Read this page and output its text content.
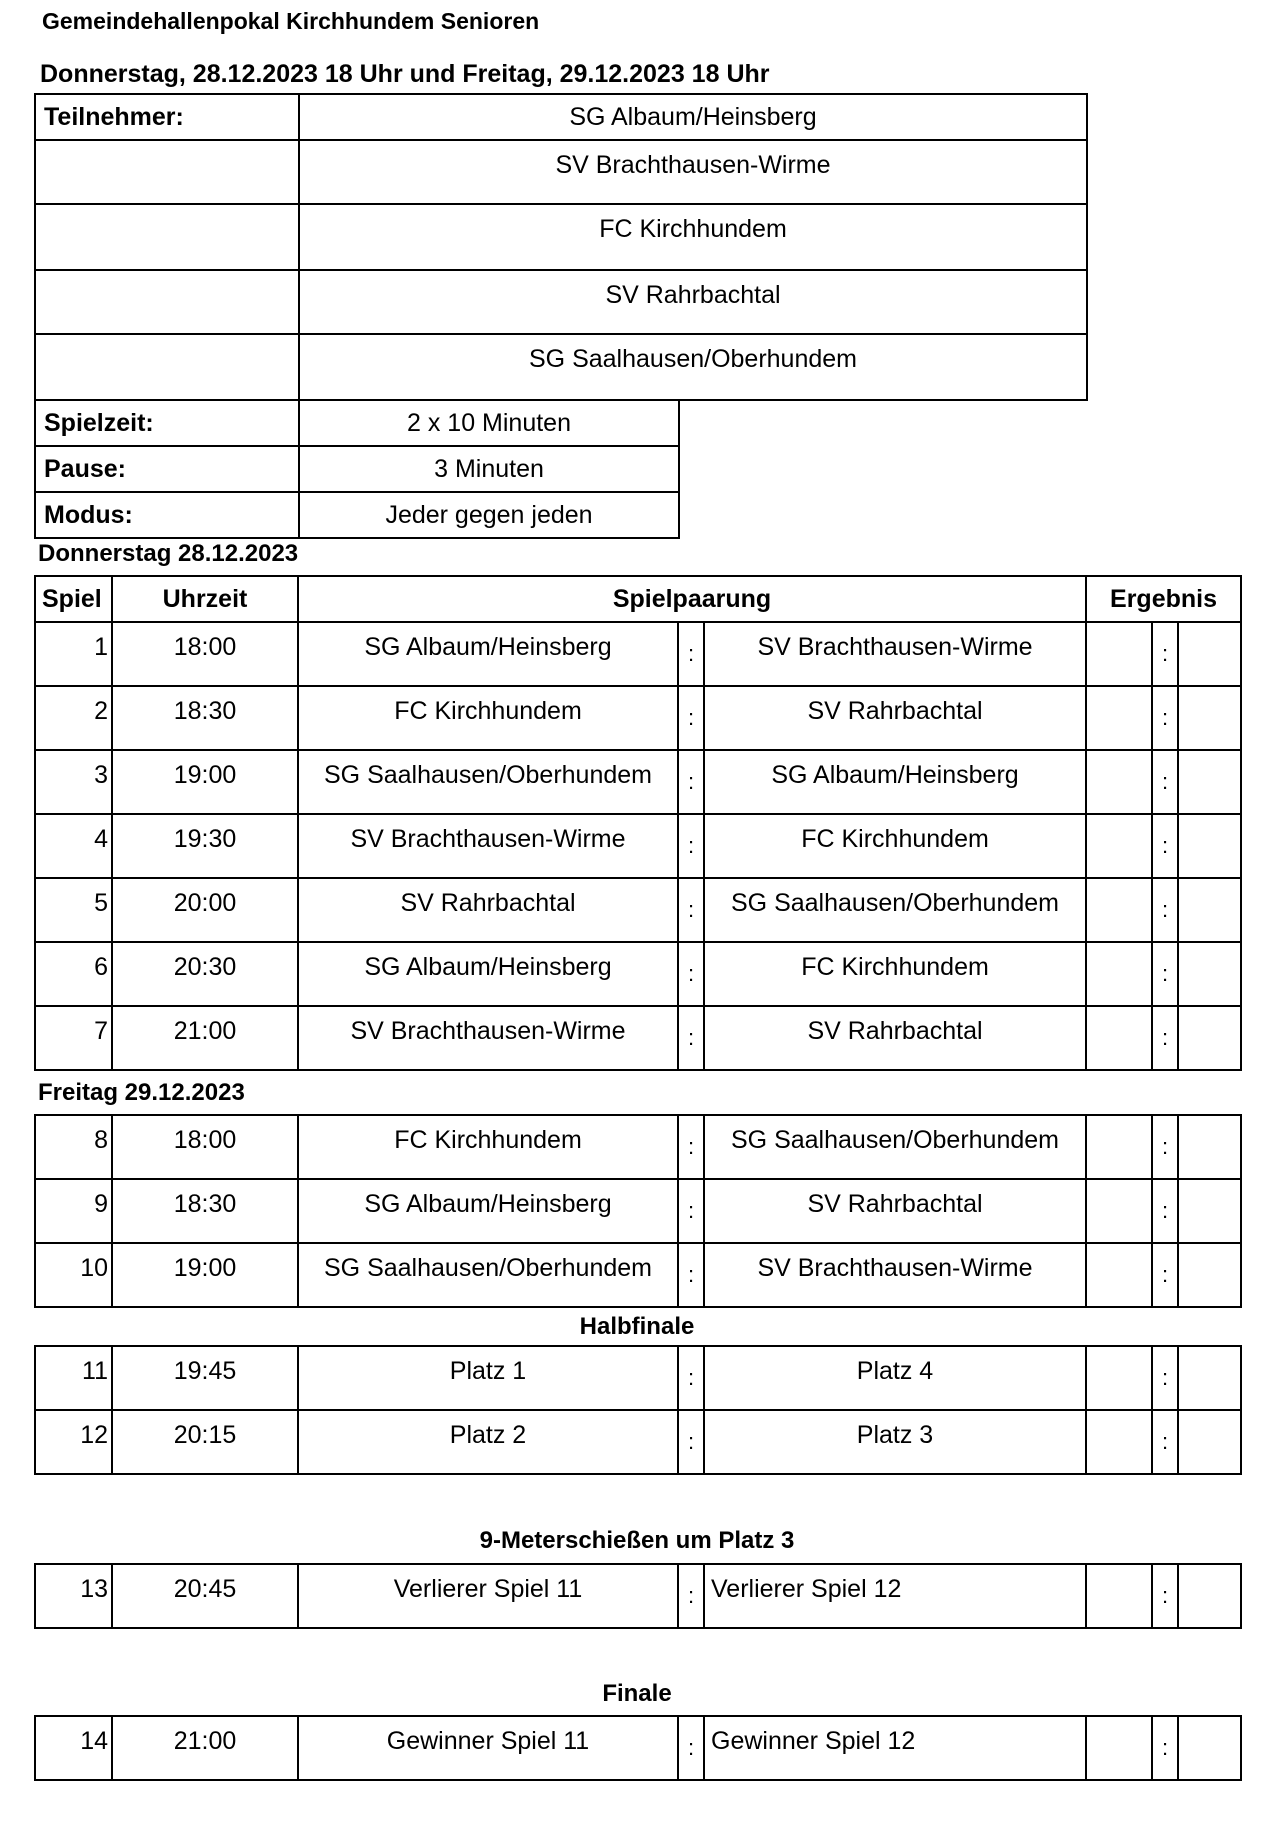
Gemeindehallenpokal Kirchhundem Senioren
Donnerstag, 28.12.2023 18 Uhr und Freitag, 29.12.2023 18 Uhr
Teilnehmer:	SG Albaum/Heinsberg
	SV Brachthausen-Wirme
	FC Kirchhundem
	SV Rahrbachtal
	SG Saalhausen/Oberhundem
Spielzeit:	2 x 10 Minuten
Pause:	3 Minuten
Modus:	Jeder gegen jeden
Donnerstag 28.12.2023
Spiel	Uhrzeit	Spielpaarung			Ergebnis		
1	18:00	SG Albaum/Heinsberg	:	SV Brachthausen-Wirme		:	
2	18:30	FC Kirchhundem	:	SV Rahrbachtal		:	
3	19:00	SG Saalhausen/Oberhundem	:	SG Albaum/Heinsberg		:	
4	19:30	SV Brachthausen-Wirme	:	FC Kirchhundem		:	
5	20:00	SV Rahrbachtal	:	SG Saalhausen/Oberhundem		:	
6	20:30	SG Albaum/Heinsberg	:	FC Kirchhundem		:	
7	21:00	SV Brachthausen-Wirme	:	SV Rahrbachtal		:	
Freitag 29.12.2023
8	18:00	FC Kirchhundem	:	SG Saalhausen/Oberhundem		:	
9	18:30	SG Albaum/Heinsberg	:	SV Rahrbachtal		:	
10	19:00	SG Saalhausen/Oberhundem	:	SV Brachthausen-Wirme		:	
Halbfinale
11	19:45	Platz 1	:	Platz 4		:	
12	20:15	Platz 2	:	Platz 3		:	
9-Meterschießen um Platz 3
13	20:45	Verlierer Spiel 11	:	Verlierer Spiel 12		:	
Finale
14	21:00	Gewinner Spiel 11	:	Gewinner Spiel 12		:	
